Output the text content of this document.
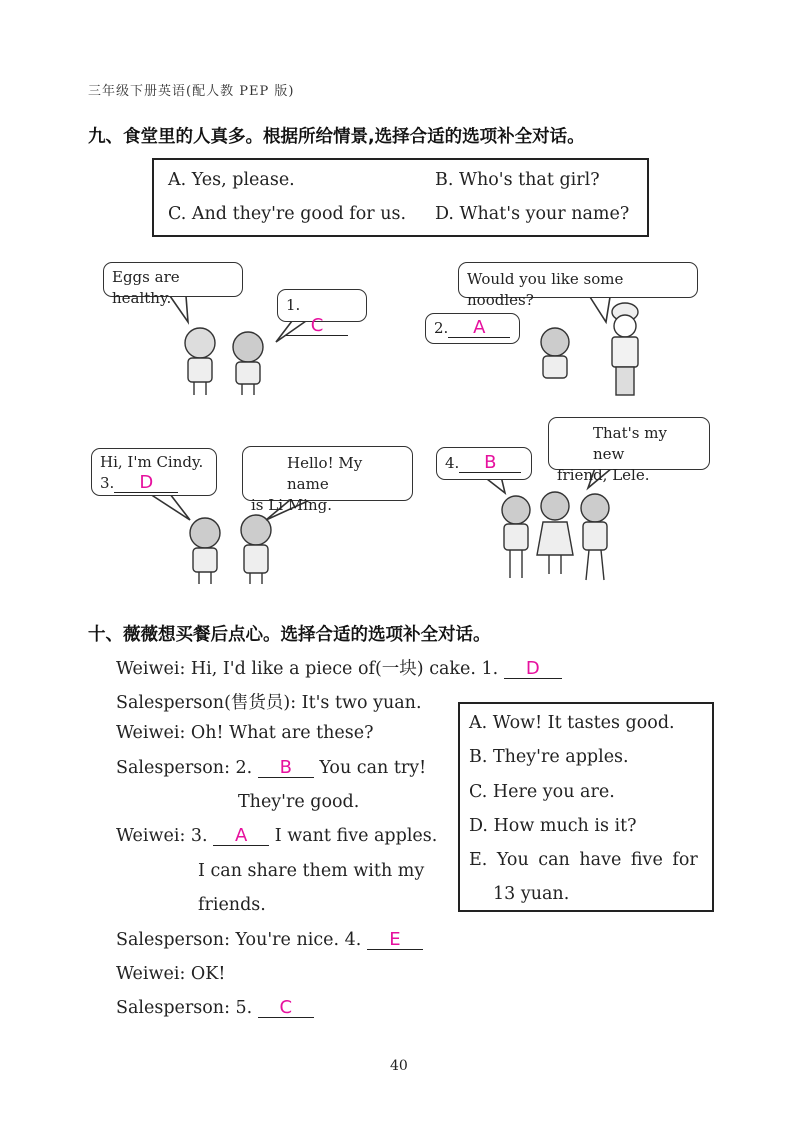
三年级下册英语(配人教 PEP 版)
九、食堂里的人真多。根据所给情景,选择合适的选项补全对话。
A. Yes, please.	B. Who's that girl?
C. And they're good for us. D. What's your name?
Eggs are healthy.	1.C
Would you like some noodles?
2. A
Hi, I'm Cindy.
3. D
Hello! My name
is Li Ming.
4. B
That's my new
friend, Lele.
十、薇薇想买餐后点心。选择合适的选项补全对话。
Weiwei: Hi, I'd like a piece of(一块) cake. 1. D
Salesperson(售货员): It's two yuan.
Weiwei: Oh! What are these?
Salesperson: 2. B You can try!
They're good.
Weiwei: 3. A I want five apples.
I can share them with my
friends.
Salesperson: You're nice. 4. E
Weiwei: OK!
Salesperson: 5. C
A. Wow! It tastes good.
B. They're apples.
C. Here you are.
D. How much is it?
E. You can have five for
13 yuan.
40
